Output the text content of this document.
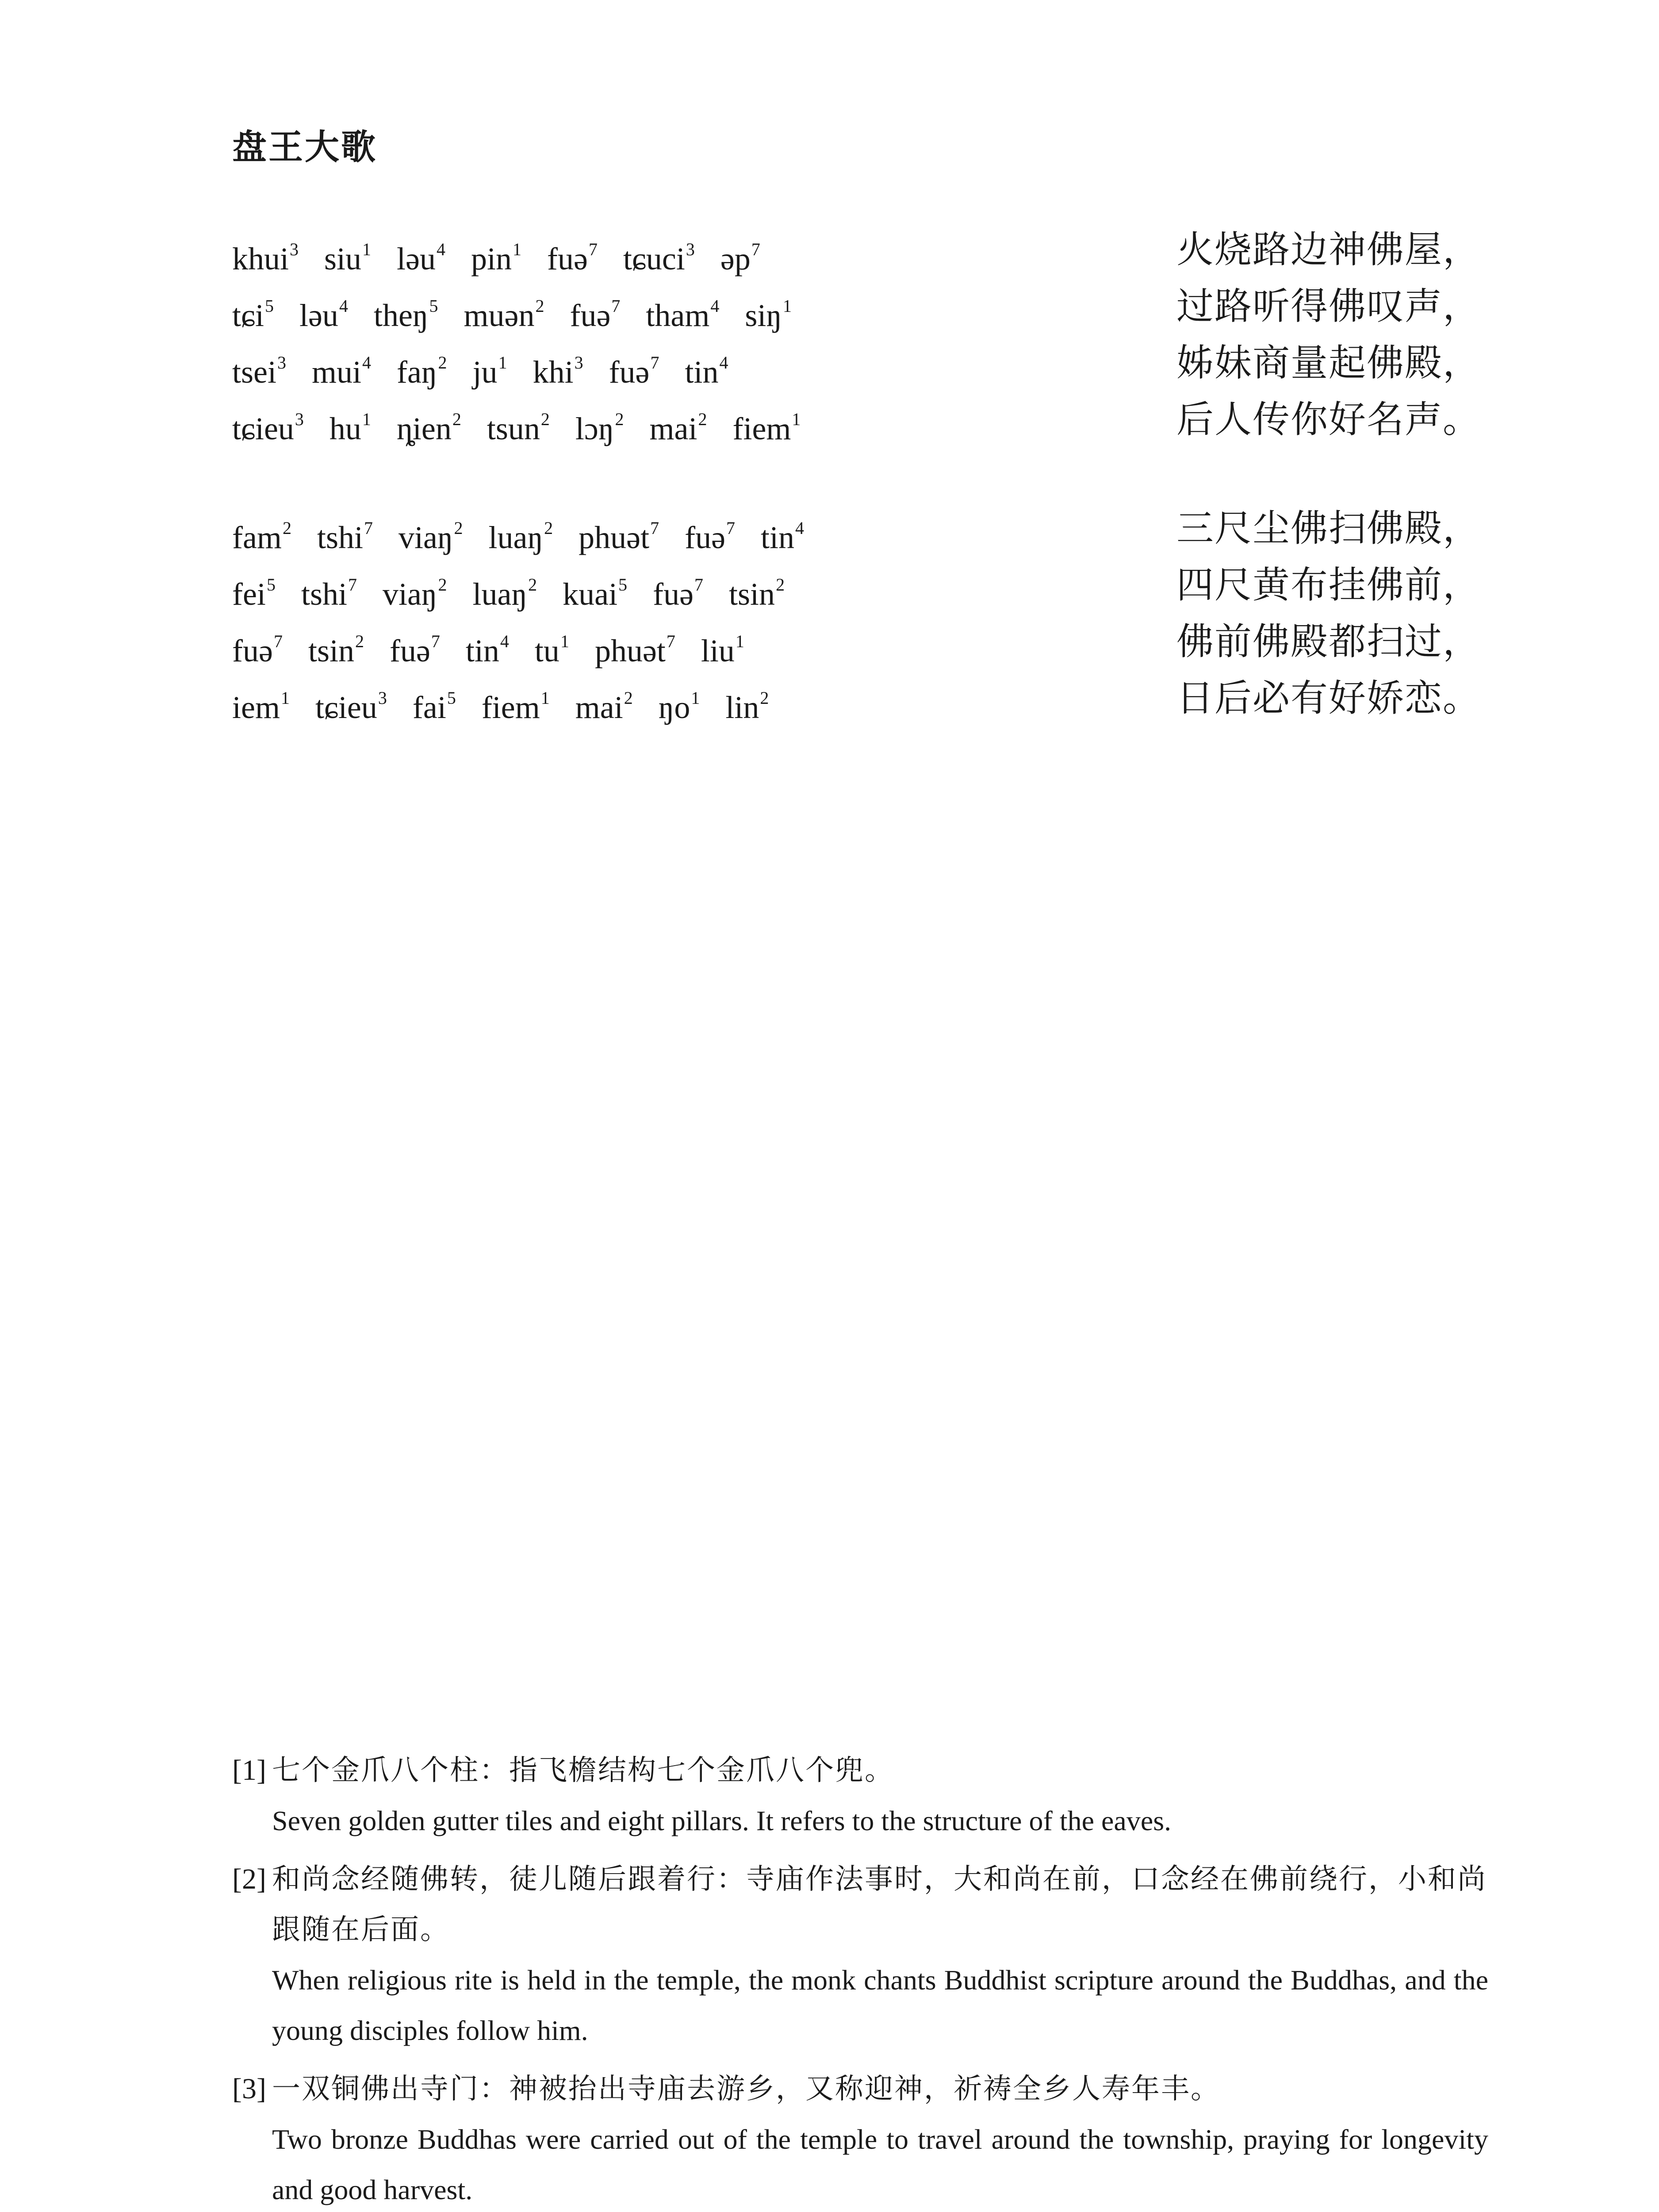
盘王大歌
khui$^3$ siu$^1$ ləu$^4$ pin$^1$ fuə$^7$ tɕuci$^3$ əp$^7$	火烧路边神佛屋，
tɕi$^5$ ləu$^4$ theŋ$^5$ muən$^2$ fuə$^7$ tham$^4$ siŋ$^1$	过路听得佛叹声，
tsei$^3$ mui$^4$ faŋ$^2$ $ju^1$ khi$^3$ fuə$^7$ tin$^4$	姊妹商量起佛殿，
tɕieu$^3$ $hu^1$ ȵien$^2$ tsun$^2$ lɔŋ$^2$ mai$^2$ fiem$^1$	后人传你好名声。
fam$^2$ tshi$^7$ viaŋ$^2$ luaŋ$^2$ phuət$^7$ fuə$^7$ tin$^4$	三尺尘佛扫佛殿，
fei$^5$ tshi$^7$ viaŋ$^2$ luaŋ$^2$ kuai$^5$ fuə$^7$ tsin$^2$	四尺黄布挂佛前，
fuə$^7$ tsin$^2$ fuə$^7$ tin$^4$ $tu^1$ phuət$^7$ liu$^1$	佛前佛殿都扫过，
iem$^1$ tɕieu$^3$ fai$^5$ fiem$^1$ mai$^2$ $ŋo^1$ lin$^2$	日后必有好娇恋。
[1] 七个金爪八个柱：指飞檐结构七个金爪八个兜。
Seven golden gutter tiles and eight pillars. It refers to the structure of the eaves.
[2] 和尚念经随佛转，徒儿随后跟着行：寺庙作法事时，大和尚在前，口念经在佛前绕行，小和尚跟随在后面。
When religious rite is held in the temple, the monk chants Buddhist scripture around the Buddhas, and the young disciples follow him.
[3] 一双铜佛出寺门：神被抬出寺庙去游乡，又称迎神，祈祷全乡人寿年丰。
Two bronze Buddhas were carried out of the temple to travel around the township, praying for longevity and good harvest.
